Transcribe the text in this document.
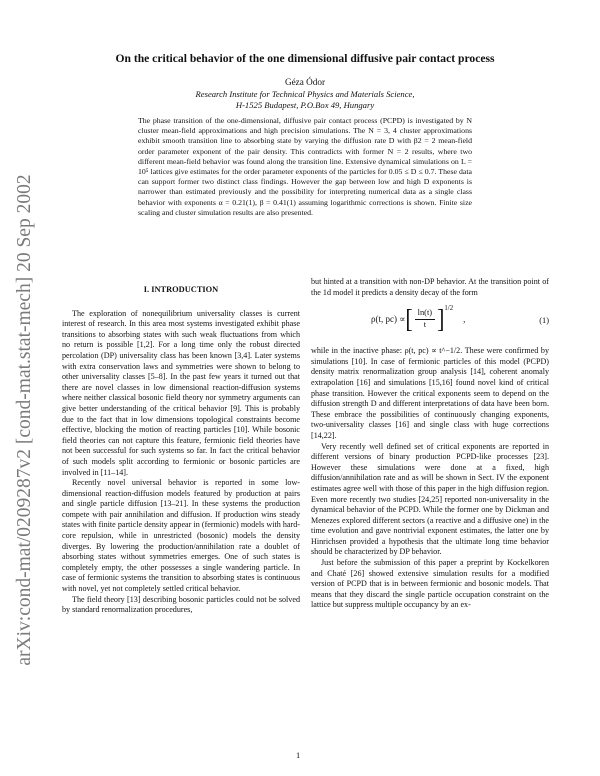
On the critical behavior of the one dimensional diffusive pair contact process
Géza Ódor
Research Institute for Technical Physics and Materials Science,
H-1525 Budapest, P.O.Box 49, Hungary

The phase transition of the one-dimensional, diffusive pair contact process (PCPD) is investigated by N cluster mean-field approximations and high precision simulations. The N = 3, 4 cluster approximations exhibit smooth transition line to absorbing state by varying the diffusion rate D with β2 = 2 mean-field order parameter exponent of the pair density. This contradicts with former N = 2 results, where two different mean-field behavior was found along the transition line. Extensive dynamical simulations on L = 10⁵ lattices give estimates for the order parameter exponents of the particles for 0.05 ≤ D ≤ 0.7. These data can support former two distinct class findings. However the gap between low and high D exponents is narrower than estimated previously and the possibility for interpreting numerical data as a single class behavior with exponents α = 0.21(1), β = 0.41(1) assuming logarithmic corrections is shown. Finite size scaling and cluster simulation results are also presented.

arXiv:cond-mat/0209287v2 [cond-mat.stat-mech] 20 Sep 2002	I. INTRODUCTION

The exploration of nonequilibrium universality classes is current interest of research. In this area most systems investigated exhibit phase transitions to absorbing states with such weak fluctuations from which no return is possible [1,2]. For a long time only the robust directed percolation (DP) universality class has been known [3,4]. Later systems with extra conservation laws and symmetries were shown to belong to other universality classes [5–8]. In the past few years it turned out that there are novel classes in low dimensional reaction-diffusion systems where neither classical bosonic field theory nor symmetry arguments can give better understanding of the critical behavior [9]. This is probably due to the fact that in low dimensions topological constraints become effective, blocking the motion of reacting particles [10]. While bosonic field theories can not capture this feature, fermionic field theories have not been successful for such systems so far. In fact the critical behavior of such models split according to fermionic or bosonic particles are involved in [11–14].

Recently novel universal behavior is reported in some low-dimensional reaction-diffusion models featured by production at pairs and single particle diffusion [13–21]. In these systems the production compete with pair annihilation and diffusion. If production wins steady states with finite particle density appear in (fermionic) models with hard-core repulsion, while in unrestricted (bosonic) models the density diverges. By lowering the production/annihilation rate a doublet of absorbing states without symmetries emerges. One of such states is completely empty, the other possesses a single wandering particle. In case of fermionic systems the transition to absorbing states is continuous with novel, yet not completely settled critical behavior.

The field theory [13] describing bosonic particles could not be solved by standard renormalization procedures,

but hinted at a transition with non-DP behavior. At the transition point of the 1d model it predicts a density decay of the form

ρ(t, pc) ∝ [ $\frac{\ln(t)}{t} ]^{1/2}$
,	(1)

while in the inactive phase: ρ(t, pc) ∝ t^−1/2. These were confirmed by simulations [10]. In case of fermionic particles of this model (PCPD) density matrix renormalization group analysis [14], coherent anomaly extrapolation [16] and simulations [15,16] found novel kind of critical phase transition. However the critical exponents seem to depend on the diffusion strength D and different interpretations of data have been born. These embrace the possibilities of continuously changing exponents, two-universality classes [16] and single class with huge corrections [14,22].

Very recently well defined set of critical exponents are reported in different versions of binary production PCPD-like processes [23]. However these simulations were done at a fixed, high diffusion/annihilation rate and as will be shown in Sect. IV the exponent estimates agree well with those of this paper in the high diffusion region. Even more recently two studies [24,25] reported non-universality in the dynamical behavior of the PCPD. While the former one by Dickman and Menezes explored different sectors (a reactive and a diffusive one) in the time evolution and gave nontrivial exponent estimates, the latter one by Hinrichsen provided a hypothesis that the ultimate long time behavior should be characterized by DP behavior.

Just before the submission of this paper a preprint by Kockelkoren and Chaté [26] showed extensive simulation results for a modified version of PCPD that is in between fermionic and bosonic models. That means that they discard the single particle occupation constraint on the lattice but suppress multiple occupancy by an ex-

1
